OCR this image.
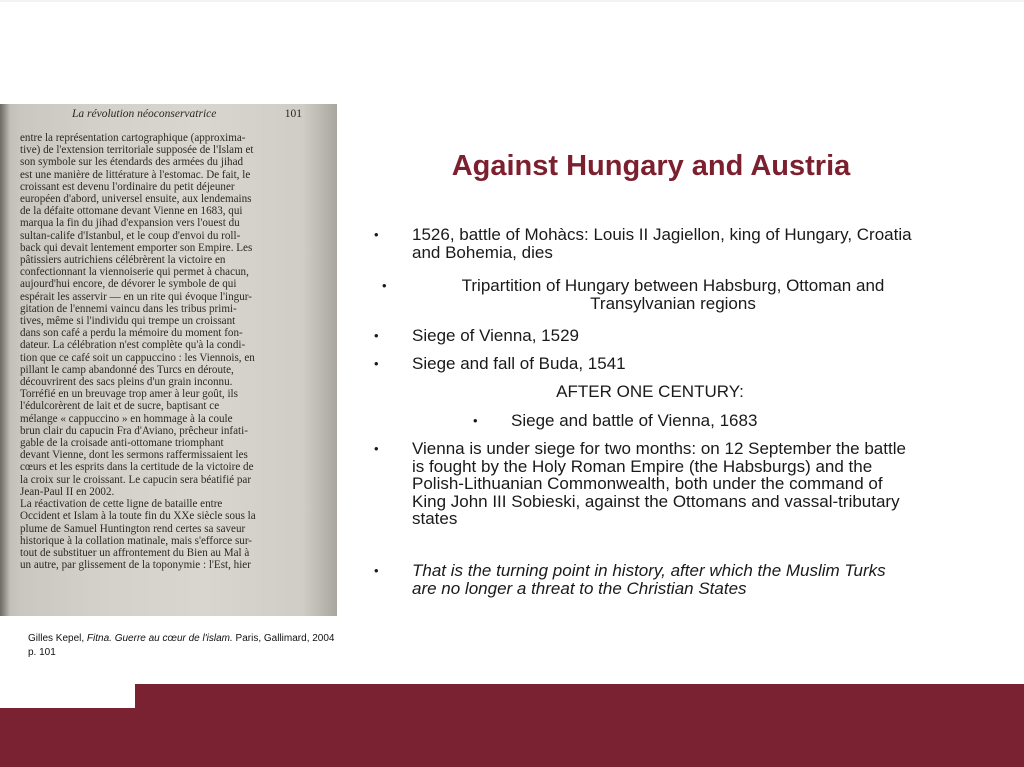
La révolution néoconservatrice	101
entre la représentation cartographique (approxima-
tive) de l'extension territoriale supposée de l'Islam et
son symbole sur les étendards des armées du jihad
est une manière de littérature à l'estomac. De fait, le
croissant est devenu l'ordinaire du petit déjeuner
européen d'abord, universel ensuite, aux lendemains
de la défaite ottomane devant Vienne en 1683, qui
marqua la fin du jihad d'expansion vers l'ouest du
sultan-calife d'Istanbul, et le coup d'envoi du roll-
back qui devait lentement emporter son Empire. Les
pâtissiers autrichiens célébrèrent la victoire en
confectionnant la viennoiserie qui permet à chacun,
aujourd'hui encore, de dévorer le symbole de qui
espérait les asservir — en un rite qui évoque l'ingur-
gitation de l'ennemi vaincu dans les tribus primi-
tives, même si l'individu qui trempe un croissant
dans son café a perdu la mémoire du moment fon-
dateur. La célébration n'est complète qu'à la condi-
tion que ce café soit un cappuccino : les Viennois, en
pillant le camp abandonné des Turcs en déroute,
découvrirent des sacs pleins d'un grain inconnu.
Torréfié en un breuvage trop amer à leur goût, ils
l'édulcorèrent de lait et de sucre, baptisant ce
mélange « cappuccino » en hommage à la coule
brun clair du capucin Fra d'Aviano, prêcheur infati-
gable de la croisade anti-ottomane triomphant
devant Vienne, dont les sermons raffermissaient les
cœurs et les esprits dans la certitude de la victoire de
la croix sur le croissant. Le capucin sera béatifié par
Jean-Paul II en 2002.
La réactivation de cette ligne de bataille entre
Occident et Islam à la toute fin du XXe siècle sous la
plume de Samuel Huntington rend certes sa saveur
historique à la collation matinale, mais s'efforce sur-
tout de substituer un affrontement du Bien au Mal à
un autre, par glissement de la toponymie : l'Est, hier
Gilles Kepel, Fitna. Guerre au cœur de l'islam. Paris, Gallimard, 2004
p. 101
Against Hungary and Austria
• 1526, battle of Mohàcs: Louis II Jagiellon, king of Hungary, Croatia and Bohemia, dies
•	Tripartition of Hungary between Habsburg, Ottoman and Transylvanian regions
• Siege of Vienna, 1529
• Siege and fall of Buda, 1541
AFTER ONE CENTURY:
• Siege and battle of Vienna, 1683
• Vienna is under siege for two months: on 12 September the battle is fought by the Holy Roman Empire (the Habsburgs) and the Polish-Lithuanian Commonwealth, both under the command of King John III Sobieski, against the Ottomans and vassal-tributary states
• That is the turning point in history, after which the Muslim Turks are no longer a threat to the Christian States
